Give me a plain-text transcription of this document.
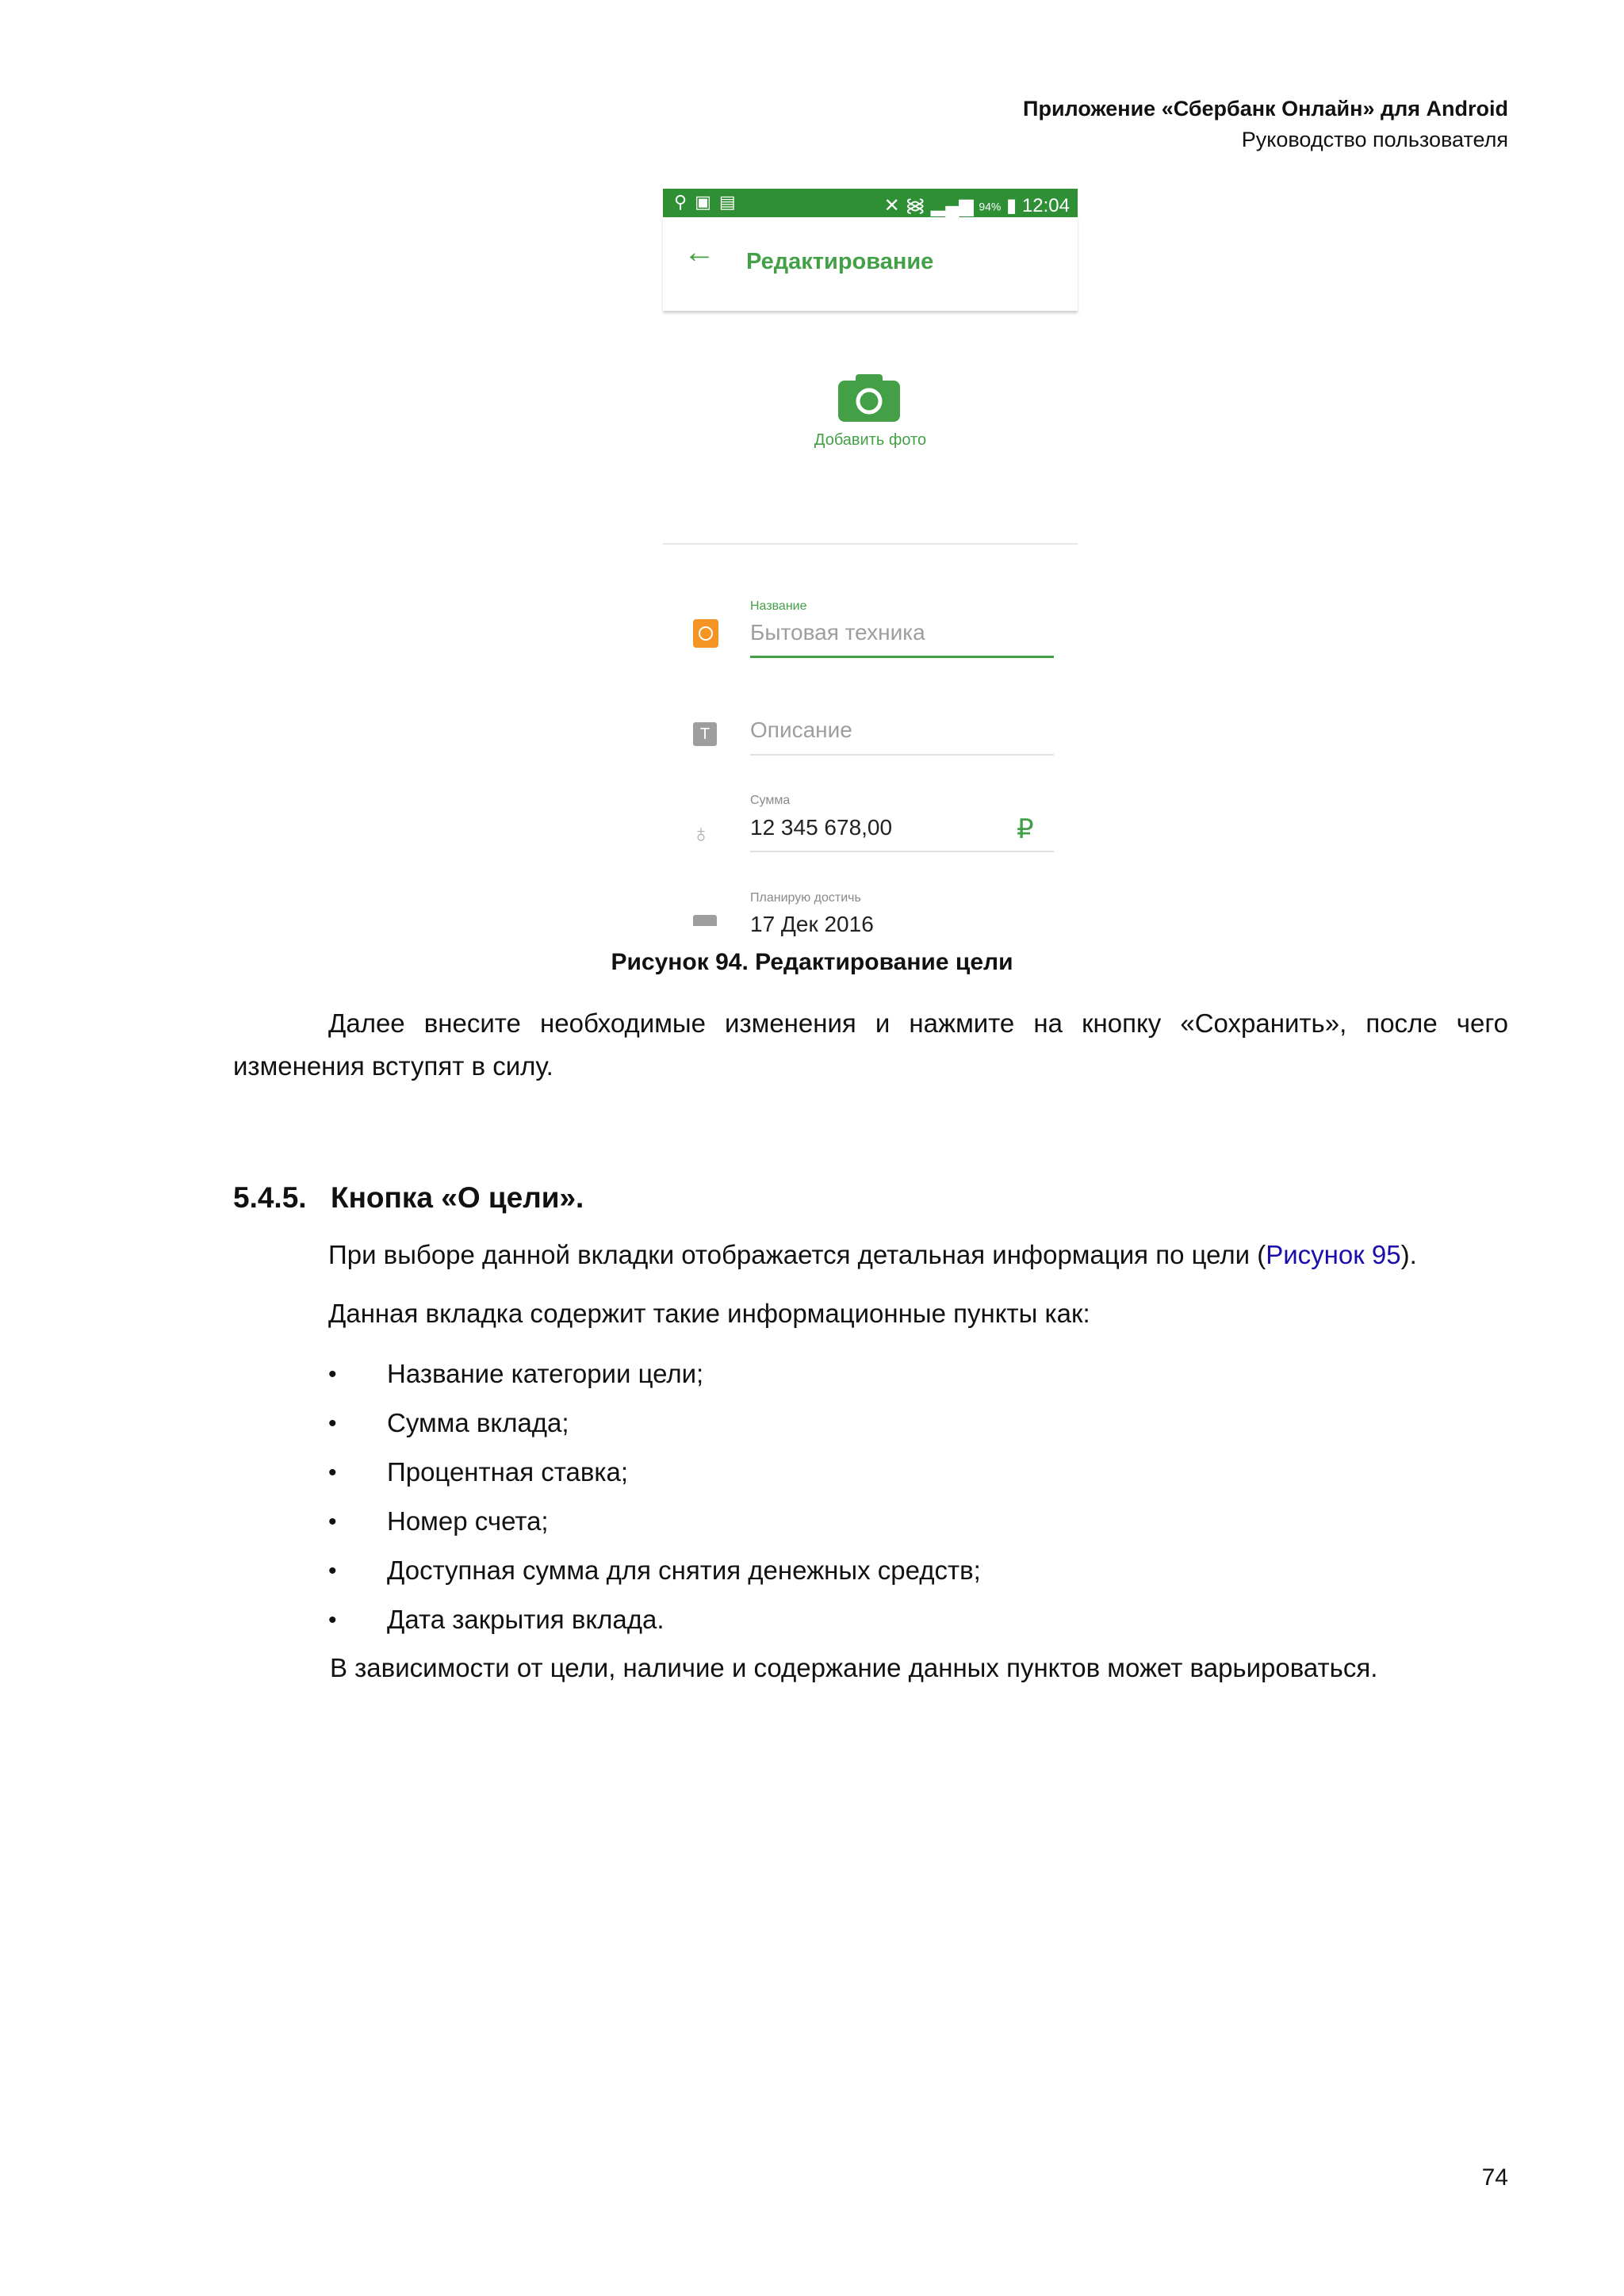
Приложение «Сбербанк Онлайн» для Android
Руководство пользователя
⚲▣▤	✕ ᯼ ▂▄▆ 94% ▮ 12:04
← Редактирование
Добавить фото
Название
Бытовая техника
T	Описание
♁
Сумма
12 345 678,00	₽
Планирую достичь
17 Дек 2016
Рисунок 94. Редактирование цели
Далее внесите необходимые изменения и нажмите на кнопку «Сохранить», после чего изменения вступят в силу.
5.4.5. Кнопка «О цели».
При выборе данной вкладки отображается детальная информация по цели (Рисунок 95).
Данная вкладка содержит такие информационные пункты как:
• Название категории цели;
• Сумма вклада;
• Процентная ставка;
• Номер счета;
• Доступная сумма для снятия денежных средств;
• Дата закрытия вклада.
В зависимости от цели, наличие и содержание данных пунктов может варьироваться.
74
